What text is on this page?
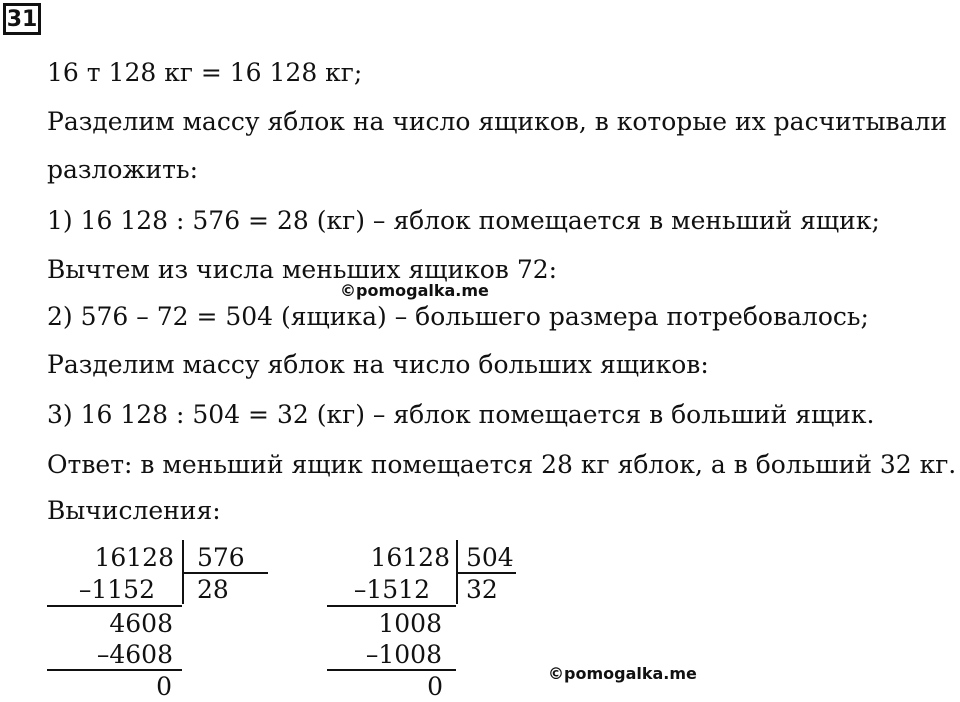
31
16 т 128 кг = 16 128 кг;
Разделим массу яблок на число ящиков, в которые их расчитывали
разложить:
1) 16 128 : 576 = 28 (кг) – яблок помещается в меньший ящик;
Вычтем из числа меньших ящиков 72:
2) 576 – 72 = 504 (ящика) – большего размера потребовалось;
Разделим массу яблок на число больших ящиков:
3) 16 128 : 504 = 32 (кг) – яблок помещается в больший ящик.
Ответ: в меньший ящик помещается 28 кг яблок, а в больший 32 кг.
Вычисления:
©pomogalka.me
©pomogalka.me
16128 576
–1152 28
4608
–4608
0
16128 504
–1512 32
1008
–1008
0
